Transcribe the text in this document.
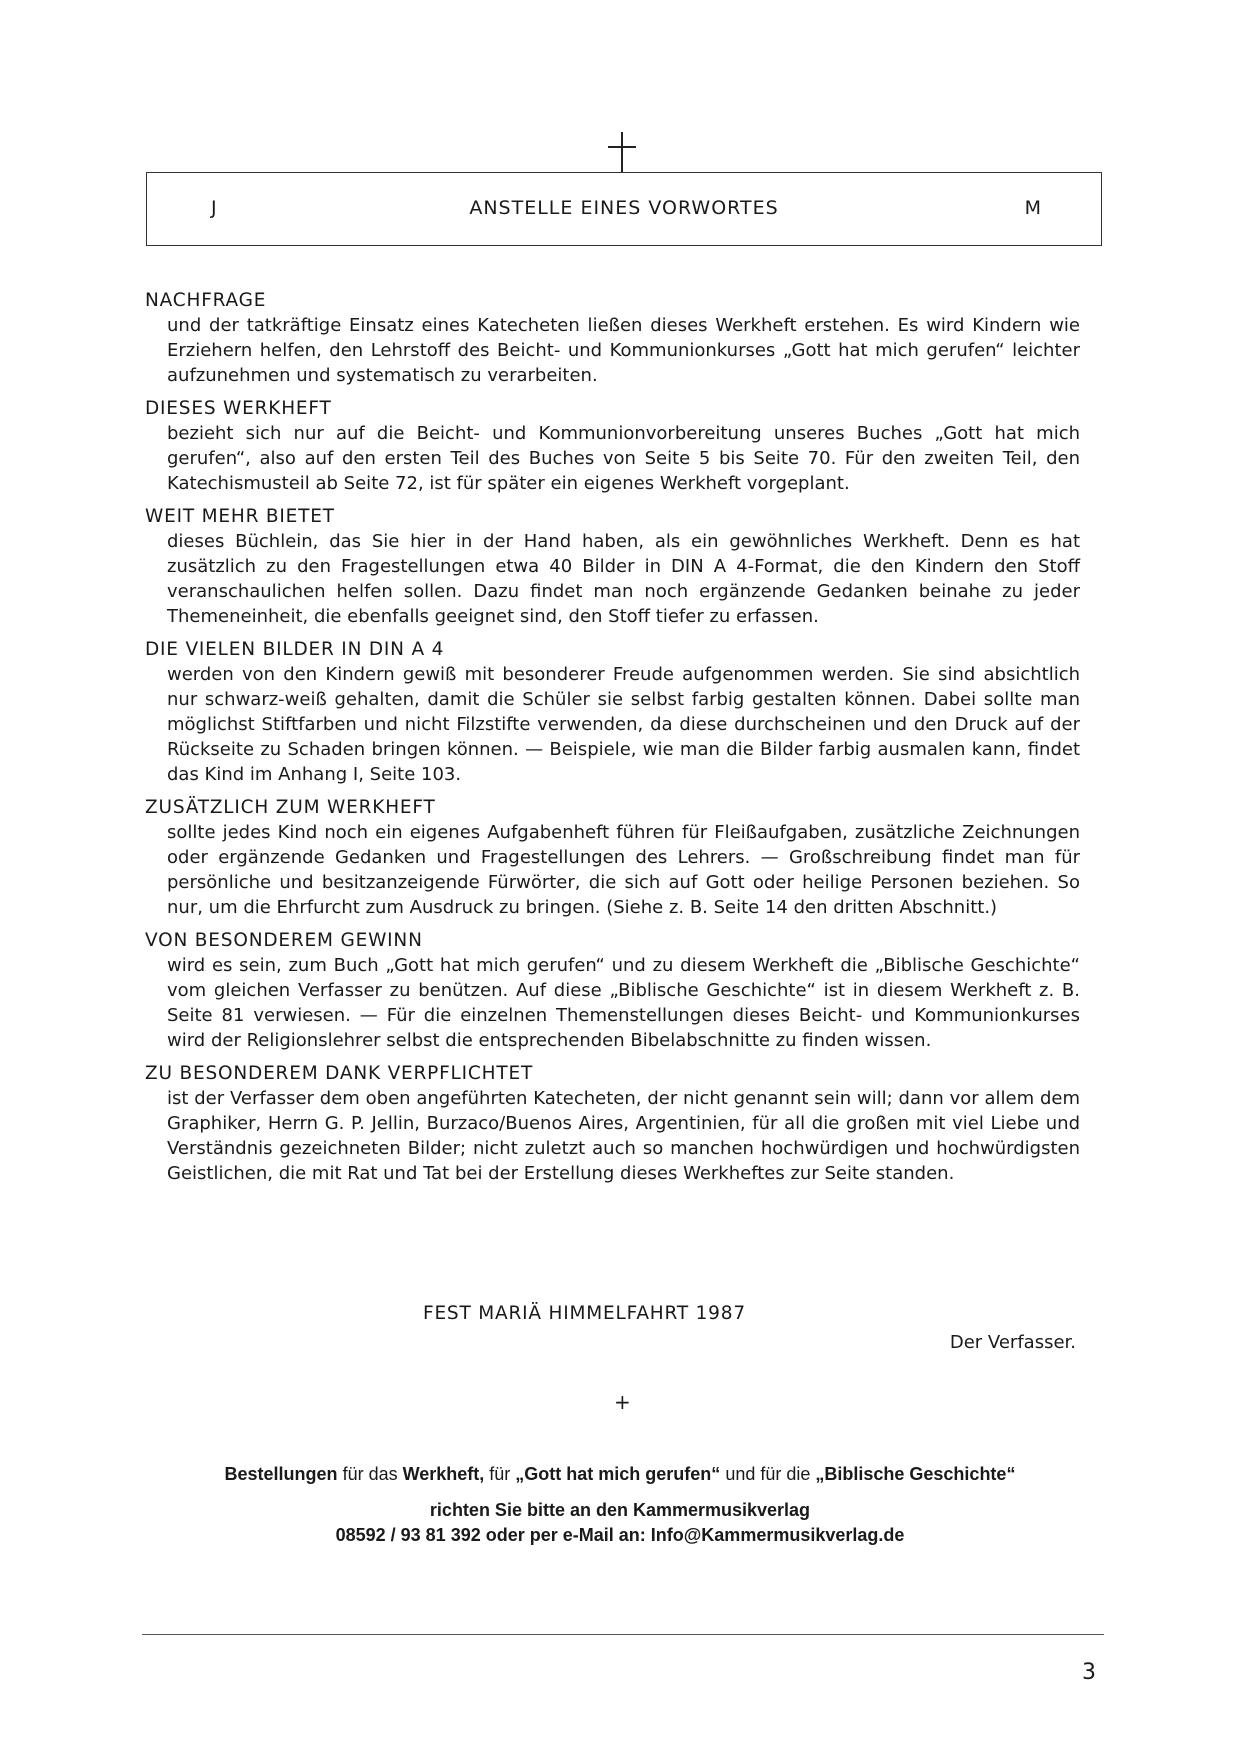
J	ANSTELLE EINES VORWORTES	M
NACHFRAGE
und der tatkräftige Einsatz eines Katecheten ließen dieses Werkheft erstehen. Es wird Kindern wie Erziehern helfen, den Lehrstoff des Beicht- und Kommunionkurses „Gott hat mich gerufen“ leichter aufzunehmen und systematisch zu verarbeiten.
DIESES WERKHEFT
bezieht sich nur auf die Beicht- und Kommunionvorbereitung unseres Buches „Gott hat mich gerufen“, also auf den ersten Teil des Buches von Seite 5 bis Seite 70. Für den zweiten Teil, den Katechismusteil ab Seite 72, ist für später ein eigenes Werkheft vorgeplant.
WEIT MEHR BIETET
dieses Büchlein, das Sie hier in der Hand haben, als ein gewöhnliches Werkheft. Denn es hat zusätzlich zu den Fragestellungen etwa 40 Bilder in DIN A 4-Format, die den Kindern den Stoff veranschaulichen helfen sollen. Dazu findet man noch ergänzende Gedanken beinahe zu jeder Themeneinheit, die ebenfalls geeignet sind, den Stoff tiefer zu erfassen.
DIE VIELEN BILDER IN DIN A 4
werden von den Kindern gewiß mit besonderer Freude aufgenommen werden. Sie sind absichtlich nur schwarz-weiß gehalten, damit die Schüler sie selbst farbig gestalten können. Dabei sollte man möglichst Stiftfarben und nicht Filzstifte verwenden, da diese durchscheinen und den Druck auf der Rückseite zu Schaden bringen können. — Beispiele, wie man die Bilder farbig ausmalen kann, findet das Kind im Anhang I, Seite 103.
ZUSÄTZLICH ZUM WERKHEFT
sollte jedes Kind noch ein eigenes Aufgabenheft führen für Fleißaufgaben, zusätzliche Zeichnungen oder ergänzende Gedanken und Fragestellungen des Lehrers. — Großschreibung findet man für persönliche und besitzanzeigende Fürwörter, die sich auf Gott oder heilige Personen beziehen. So nur, um die Ehrfurcht zum Ausdruck zu bringen. (Siehe z. B. Seite 14 den dritten Abschnitt.)
VON BESONDEREM GEWINN
wird es sein, zum Buch „Gott hat mich gerufen“ und zu diesem Werkheft die „Biblische Geschichte“ vom gleichen Verfasser zu benützen. Auf diese „Biblische Geschichte“ ist in diesem Werkheft z. B. Seite 81 verwiesen. — Für die einzelnen Themenstellungen dieses Beicht- und Kommunionkurses wird der Religionslehrer selbst die entsprechenden Bibelabschnitte zu finden wissen.
ZU BESONDEREM DANK VERPFLICHTET
ist der Verfasser dem oben angeführten Katecheten, der nicht genannt sein will; dann vor allem dem Graphiker, Herrn G. P. Jellin, Burzaco/Buenos Aires, Argentinien, für all die großen mit viel Liebe und Verständnis gezeichneten Bilder; nicht zuletzt auch so manchen hochwürdigen und hochwürdigsten Geistlichen, die mit Rat und Tat bei der Erstellung dieses Werkheftes zur Seite standen.
FEST MARIÄ HIMMELFAHRT 1987
Der Verfasser.
+
Bestellungen für das Werkheft, für „Gott hat mich gerufen“ und für die „Biblische Geschichte“
richten Sie bitte an den Kammermusikverlag
08592 / 93 81 392 oder per e-Mail an: Info@Kammermusikverlag.de
3
